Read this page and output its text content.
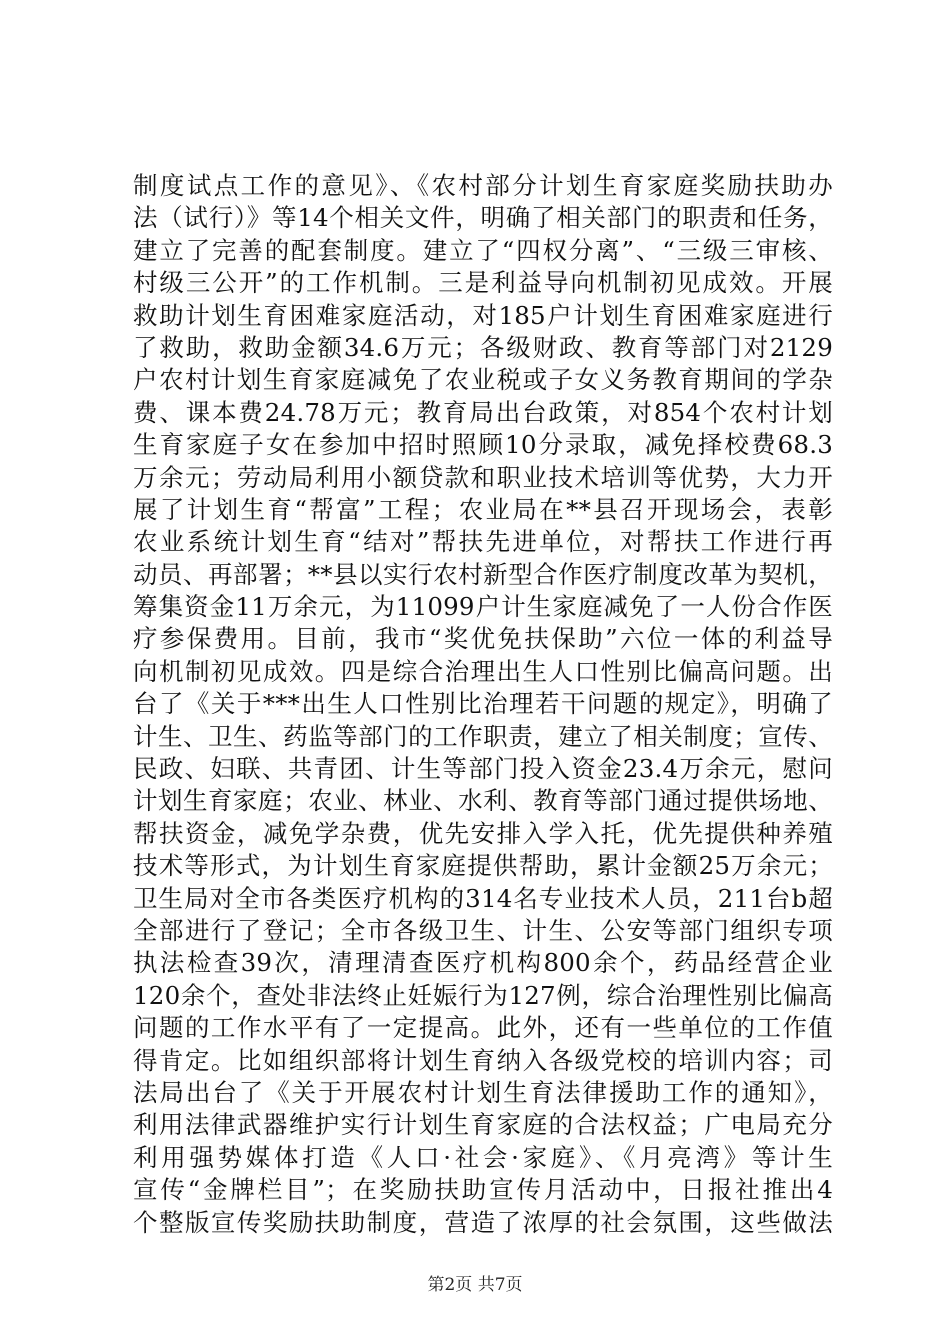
制度试点工作的意见》、《农村部分计划生育家庭奖励扶助办
法（试行）》等14个相关文件，明确了相关部门的职责和任务，
建立了完善的配套制度。建立了“四权分离”、“三级三审核、
村级三公开”的工作机制。三是利益导向机制初见成效。开展
救助计划生育困难家庭活动，对185户计划生育困难家庭进行
了救助，救助金额34.6万元；各级财政、教育等部门对2129
户农村计划生育家庭减免了农业税或子女义务教育期间的学杂
费、课本费24.78万元；教育局出台政策，对854个农村计划
生育家庭子女在参加中招时照顾10分录取，减免择校费68.3
万余元；劳动局利用小额贷款和职业技术培训等优势，大力开
展了计划生育“帮富”工程；农业局在**县召开现场会，表彰
农业系统计划生育“结对”帮扶先进单位，对帮扶工作进行再
动员、再部署；**县以实行农村新型合作医疗制度改革为契机，
筹集资金11万余元，为11099户计生家庭减免了一人份合作医
疗参保费用。目前，我市“奖优免扶保助”六位一体的利益导
向机制初见成效。四是综合治理出生人口性别比偏高问题。出
台了《关于***出生人口性别比治理若干问题的规定》，明确了
计生、卫生、药监等部门的工作职责，建立了相关制度；宣传、
民政、妇联、共青团、计生等部门投入资金23.4万余元，慰问
计划生育家庭；农业、林业、水利、教育等部门通过提供场地、
帮扶资金，减免学杂费，优先安排入学入托，优先提供种养殖
技术等形式，为计划生育家庭提供帮助，累计金额25万余元；
卫生局对全市各类医疗机构的314名专业技术人员，211台b超
全部进行了登记；全市各级卫生、计生、公安等部门组织专项
执法检查39次，清理清查医疗机构800余个，药品经营企业
120余个，查处非法终止妊娠行为127例，综合治理性别比偏高
问题的工作水平有了一定提高。此外，还有一些单位的工作值
得肯定。比如组织部将计划生育纳入各级党校的培训内容；司
法局出台了《关于开展农村计划生育法律援助工作的通知》，
利用法律武器维护实行计划生育家庭的合法权益；广电局充分
利用强势媒体打造《人口·社会·家庭》、《月亮湾》等计生
宣传“金牌栏目”；在奖励扶助宣传月活动中，日报社推出4
个整版宣传奖励扶助制度，营造了浓厚的社会氛围，这些做法
第2页 共7页
